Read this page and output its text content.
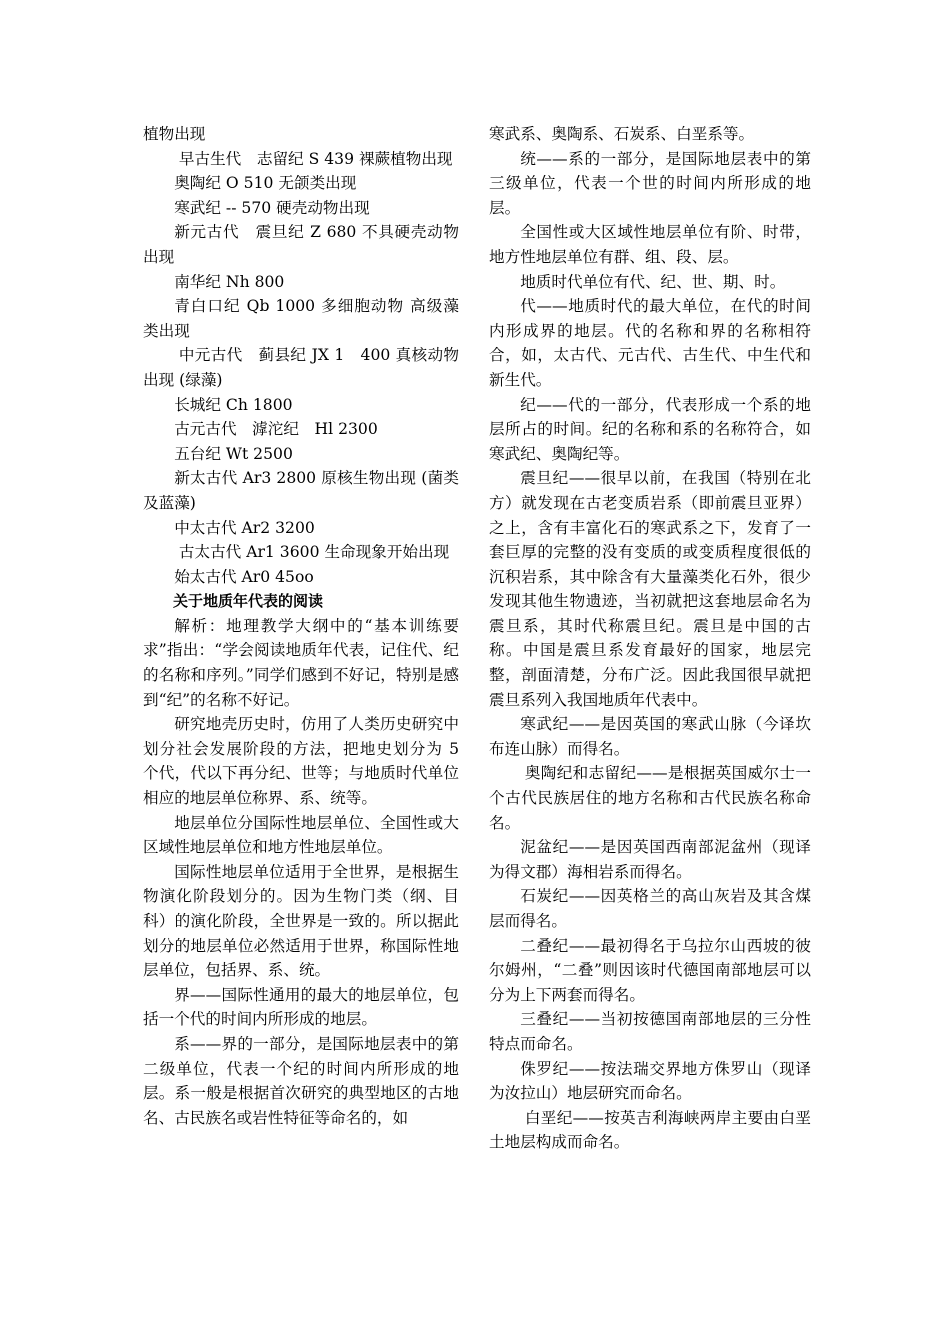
植物出现

早古生代　志留纪 S 439 裸蕨植物出现

奥陶纪 O 510 无颌类出现

寒武纪 -- 570 硬壳动物出现

新元古代　震旦纪 Z 680 不具硬壳动物出现

南华纪 Nh 800

青白口纪 Qb 1000 多细胞动物 高级藻类出现

中元古代　蓟县纪 JX 1　400 真核动物出现 (绿藻)

长城纪 Ch 1800

古元古代　滹沱纪　Hl 2300

五台纪 Wt 2500

新太古代 Ar3 2800 原核生物出现 (菌类及蓝藻)

中太古代 Ar2 3200

古太古代 Ar1 3600 生命现象开始出现

始太古代 Ar0 45oo

关于地质年代表的阅读

解析：地理教学大纲中的“基本训练要求”指出：“学会阅读地质年代表，记住代、纪的名称和序列。”同学们感到不好记，特别是感到“纪”的名称不好记。

研究地壳历史时，仿用了人类历史研究中划分社会发展阶段的方法，把地史划分为 5 个代，代以下再分纪、世等；与地质时代单位相应的地层单位称界、系、统等。

地层单位分国际性地层单位、全国性或大区域性地层单位和地方性地层单位。

国际性地层单位适用于全世界，是根据生物演化阶段划分的。因为生物门类（纲、目科）的演化阶段，全世界是一致的。所以据此划分的地层单位必然适用于世界，称国际性地层单位，包括界、系、统。

界——国际性通用的最大的地层单位，包括一个代的时间内所形成的地层。

系——界的一部分，是国际地层表中的第二级单位，代表一个纪的时间内所形成的地层。系一般是根据首次研究的典型地区的古地名、古民族名或岩性特征等命名的，如

寒武系、奥陶系、石炭系、白垩系等。

统——系的一部分，是国际地层表中的第三级单位，代表一个世的时间内所形成的地层。

全国性或大区域性地层单位有阶、时带，地方性地层单位有群、组、段、层。

地质时代单位有代、纪、世、期、时。

代——地质时代的最大单位，在代的时间内形成界的地层。代的名称和界的名称相符合，如，太古代、元古代、古生代、中生代和新生代。

纪——代的一部分，代表形成一个系的地层所占的时间。纪的名称和系的名称符合，如寒武纪、奥陶纪等。

震旦纪——很早以前，在我国（特别在北方）就发现在古老变质岩系（即前震旦亚界）之上，含有丰富化石的寒武系之下，发育了一套巨厚的完整的没有变质的或变质程度很低的沉积岩系，其中除含有大量藻类化石外，很少发现其他生物遗迹，当初就把这套地层命名为震旦系，其时代称震旦纪。震旦是中国的古称。中国是震旦系发育最好的国家，地层完整，剖面清楚，分布广泛。因此我国很早就把震旦系列入我国地质年代表中。

寒武纪——是因英国的寒武山脉（今译坎布连山脉）而得名。

奥陶纪和志留纪——是根据英国威尔士一个古代民族居住的地方名称和古代民族名称命名。

泥盆纪——是因英国西南部泥盆州（现译为得文郡）海相岩系而得名。

石炭纪——因英格兰的高山灰岩及其含煤层而得名。

二叠纪——最初得名于乌拉尔山西坡的彼尔姆州，“二叠”则因该时代德国南部地层可以分为上下两套而得名。

三叠纪——当初按德国南部地层的三分性特点而命名。

侏罗纪——按法瑞交界地方侏罗山（现译为汝拉山）地层研究而命名。

白垩纪——按英吉利海峡两岸主要由白垩土地层构成而命名。
